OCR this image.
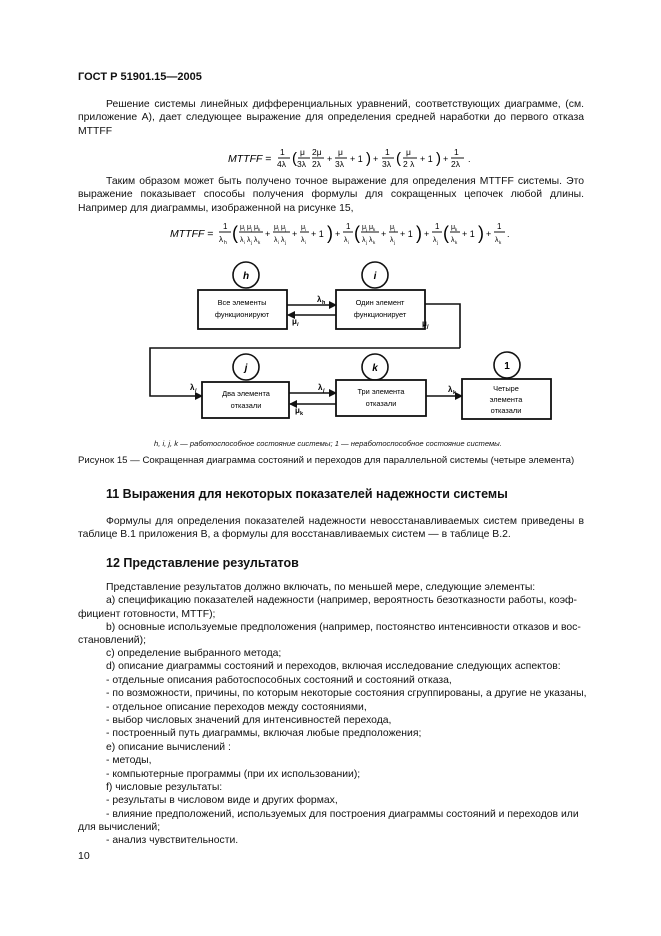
ГОСТ Р 51901.15—2005
Решение системы линейных дифференциальных уравнений, соответствующих диаграмме, (см. приложение А), дает следующее выражение для определения средней наработки до первого отказа MTTFF
MTTFF =
1
4λ ( μ
3λ
2μ
2λ +
μ
3λ + 1 ) +
1
3λ ( μ
2 λ + 1 ) +
1
2λ .
Таким образом может быть получено точное выражение для определения MTTFF системы. Это выражение показывает способы получения формулы для сокращенных цепочек любой длины. Например для диаграммы, изображенной на рисунке 15,
MTTFF =
1
λ h ( μ i μ j μ k
λ i λ j λ k
+
μ i μ j
λ i λ j
+
μ i
λ i
+ 1 ) +
1
λ i ( μ j μ k
λ j λ k
+
μ j
λ j
+ 1 ) +
1
λ j ( μ k
λ k
+ 1 ) +
1
λ k
.
h	i
j	k	1
Все элементы
функционируют
Один элемент
функционирует
Два элемента
отказали
Три элемента
отказали
Четыре
элемента
отказали
λ h
μ i	μ j
λ i	λ j
μ k
λ k
h, i, j, k — работоспособное состояние системы; 1 — неработоспособное состояние системы.
Рисунок 15 — Сокращенная диаграмма состояний и переходов для параллельной системы (четыре элемента)
11 Выражения для некоторых показателей надежности системы
Формулы для определения показателей надежности невосстанавливаемых систем приведены в таблице В.1 приложения В, а формулы для восстанавливаемых систем — в таблице В.2.
12 Представление результатов
Представление результатов должно включать, по меньшей мере, следующие элементы:
а) спецификацию показателей надежности (например, вероятность безотказности работы, коэф-
фициент готовности, MTTF);
b) основные используемые предположения (например, постоянство интенсивности отказов и вос-
становлений);
c) определение выбранного метода;
d) описание диаграммы состояний и переходов, включая исследование следующих аспектов:
- отдельные описания работоспособных состояний и состояний отказа,
- по возможности, причины, по которым некоторые состояния сгруппированы, а другие не указаны,
- отдельное описание переходов между состояниями,
- выбор числовых значений для интенсивностей перехода,
- построенный путь диаграммы, включая любые предположения;
e) описание вычислений :
- методы,
- компьютерные программы (при их использовании);
f) числовые результаты:
- результаты в числовом виде и других формах,
- влияние предположений, используемых для построения диаграммы состояний и переходов или
для вычислений;
- анализ чувствительности.
10
